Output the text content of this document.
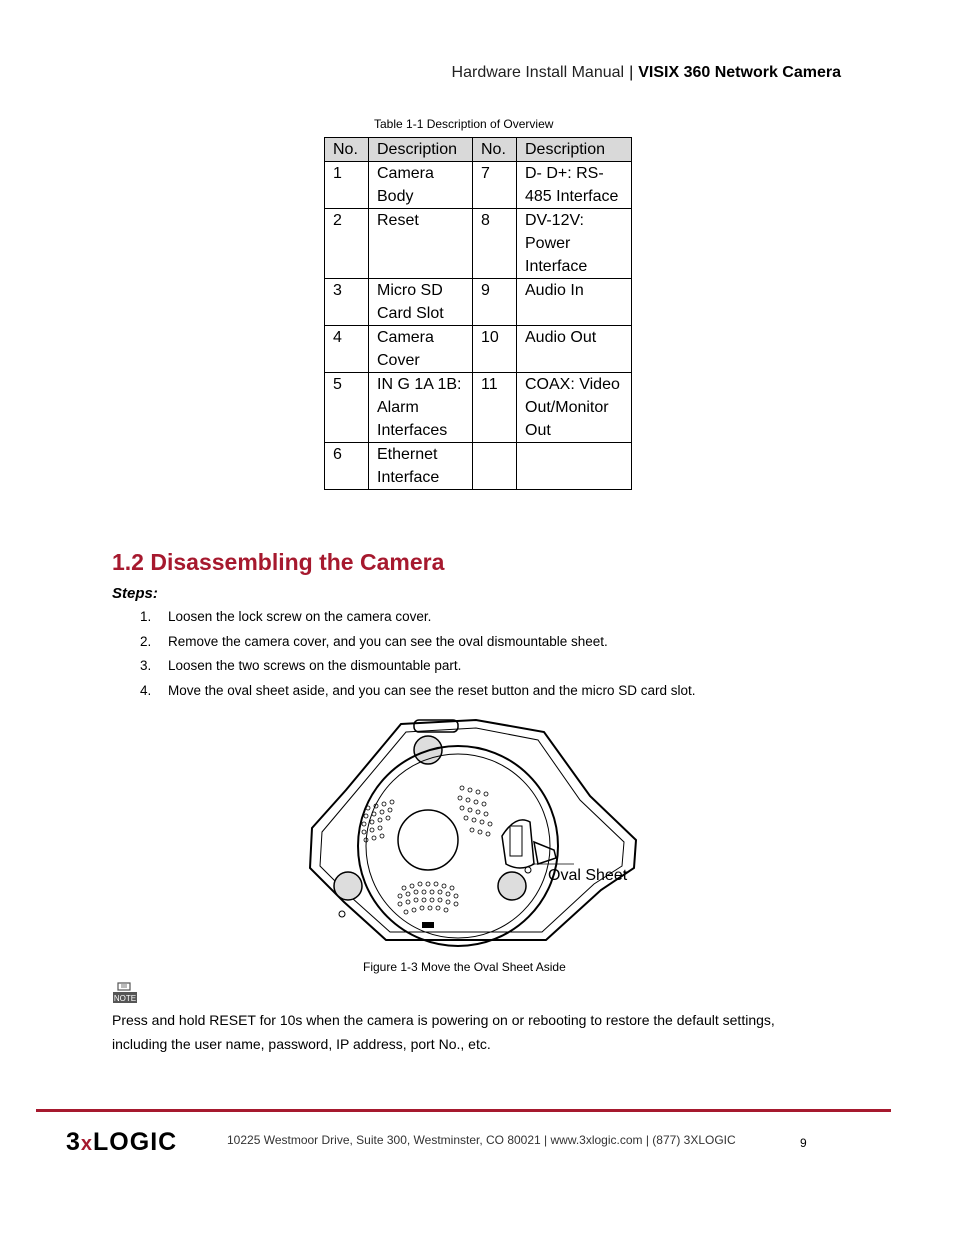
Hardware Install Manual | VISIX 360 Network Camera
Table 1-1 Description of Overview
No.	Description	No.	Description
1	Camera Body	7	D- D+: RS-485 Interface
2	Reset	8	DV-12V: Power Interface
3	Micro SD Card Slot	9	Audio In
4	Camera Cover	10	Audio Out
5	IN G 1A 1B: Alarm Interfaces	11	COAX: Video Out/Monitor Out
6	Ethernet Interface		
1.2 Disassembling the Camera
Steps:
1. Loosen the lock screw on the camera cover.
2. Remove the camera cover, and you can see the oval dismountable sheet.
3. Loosen the two screws on the dismountable part.
4. Move the oval sheet aside, and you can see the reset button and the micro SD card slot.
Oval Sheet
Figure 1-3 Move the Oval Sheet Aside
NOTE
Press and hold RESET for 10s when the camera is powering on or rebooting to restore the default settings, including the user name, password, IP address, port No., etc.
3xLOGIC	10225 Westmoor Drive, Suite 300, Westminster, CO 80021 | www.3xlogic.com | (877) 3XLOGIC	9
